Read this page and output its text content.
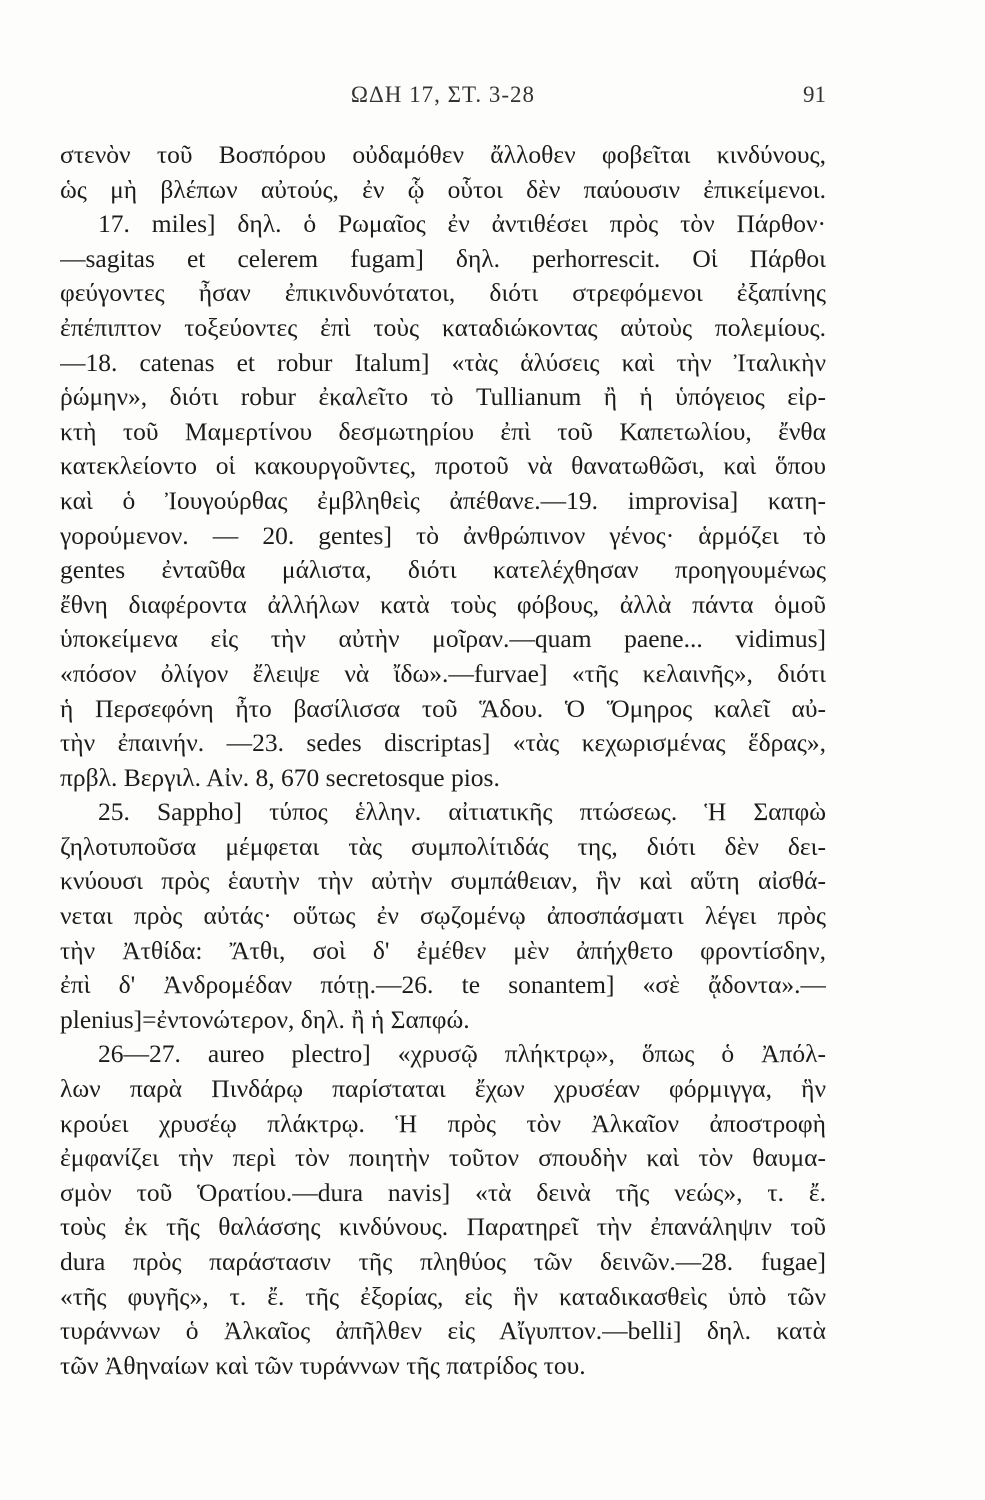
ΩΔΗ 17, ΣΤ. 3-28	91
στενὸν τοῦ Βοσπόρου οὐδαμόθεν ἄλλοθεν φοβεῖται κινδύνους,
ὡς μὴ βλέπων αὐτούς, ἐν ᾧ οὗτοι δὲν παύουσιν ἐπικείμενοι.
17. miles] δηλ. ὁ Ρωμαῖος ἐν ἀντιθέσει πρὸς τὸν Πάρθον·
—sagitas et celerem fugam] δηλ. perhorrescit. Οἱ Πάρθοι
φεύγοντες ἦσαν ἐπικινδυνότατοι, διότι στρεφόμενοι ἐξαπίνης
ἐπέπιπτον τοξεύοντες ἐπὶ τοὺς καταδιώκοντας αὐτοὺς πολεμίους.
—18. catenas et robur Italum] «τὰς ἁλύσεις καὶ τὴν Ἰταλικὴν
ῥώμην», διότι robur ἐκαλεῖτο τὸ Tullianum ἢ ἡ ὑπόγειος εἰρ-
κτὴ τοῦ Μαμερτίνου δεσμωτηρίου ἐπὶ τοῦ Καπετωλίου, ἔνθα
κατεκλείοντο οἱ κακουργοῦντες, προτοῦ νὰ θανατωθῶσι, καὶ ὅπου
καὶ ὁ Ἰουγούρθας ἐμβληθεὶς ἀπέθανε.—19. improvisa] κατη-
γορούμενον. — 20. gentes] τὸ ἀνθρώπινον γένος· ἁρμόζει τὸ
gentes ἐνταῦθα μάλιστα, διότι κατελέχθησαν προηγουμένως
ἔθνη διαφέροντα ἀλλήλων κατὰ τοὺς φόβους, ἀλλὰ πάντα ὁμοῦ
ὑποκείμενα εἰς τὴν αὐτὴν μοῖραν.—quam paene... vidimus]
«πόσον ὀλίγον ἔλειψε νὰ ἴδω».—furvae] «τῆς κελαινῆς», διότι
ἡ Περσεφόνη ἦτο βασίλισσα τοῦ Ἅδου. Ὁ Ὅμηρος καλεῖ αὐ-
τὴν ἐπαινήν. —23. sedes discriptas] «τὰς κεχωρισμένας ἕδρας»,
πρβλ. Βεργιλ. Αἰν. 8, 670 secretosque pios.
25. Sappho] τύπος ἑλλην. αἰτιατικῆς πτώσεως. Ἡ Σαπφὼ
ζηλοτυποῦσα μέμφεται τὰς συμπολίτιδάς της, διότι δὲν δει-
κνύουσι πρὸς ἑαυτὴν τὴν αὐτὴν συμπάθειαν, ἣν καὶ αὕτη αἰσθά-
νεται πρὸς αὐτάς· οὕτως ἐν σῳζομένῳ ἀποσπάσματι λέγει πρὸς
τὴν Ἀτθίδα: Ἄτθι, σοὶ δ' ἐμέθεν μὲν ἀπήχθετο φροντίσδην,
ἐπὶ δ' Ἀνδρομέδαν πότῃ.—26. te sonantem] «σὲ ᾄδοντα».—
plenius]=ἐντονώτερον, δηλ. ἢ ἡ Σαπφώ.
26—27. aureo plectro] «χρυσῷ πλήκτρῳ», ὅπως ὁ Ἀπόλ-
λων παρὰ Πινδάρῳ παρίσταται ἔχων χρυσέαν φόρμιγγα, ἣν
κρούει χρυσέῳ πλάκτρῳ. Ἡ πρὸς τὸν Ἀλκαῖον ἀποστροφὴ
ἐμφανίζει τὴν περὶ τὸν ποιητὴν τοῦτον σπουδὴν καὶ τὸν θαυμα-
σμὸν τοῦ Ὁρατίου.—dura navis] «τὰ δεινὰ τῆς νεώς», τ. ἔ.
τοὺς ἐκ τῆς θαλάσσης κινδύνους. Παρατηρεῖ τὴν ἐπανάληψιν τοῦ
dura πρὸς παράστασιν τῆς πληθύος τῶν δεινῶν.—28. fugae]
«τῆς φυγῆς», τ. ἔ. τῆς ἐξορίας, εἰς ἣν καταδικασθεὶς ὑπὸ τῶν
τυράννων ὁ Ἀλκαῖος ἀπῆλθεν εἰς Αἴγυπτον.—belli] δηλ. κατὰ
τῶν Ἀθηναίων καὶ τῶν τυράννων τῆς πατρίδος του.
